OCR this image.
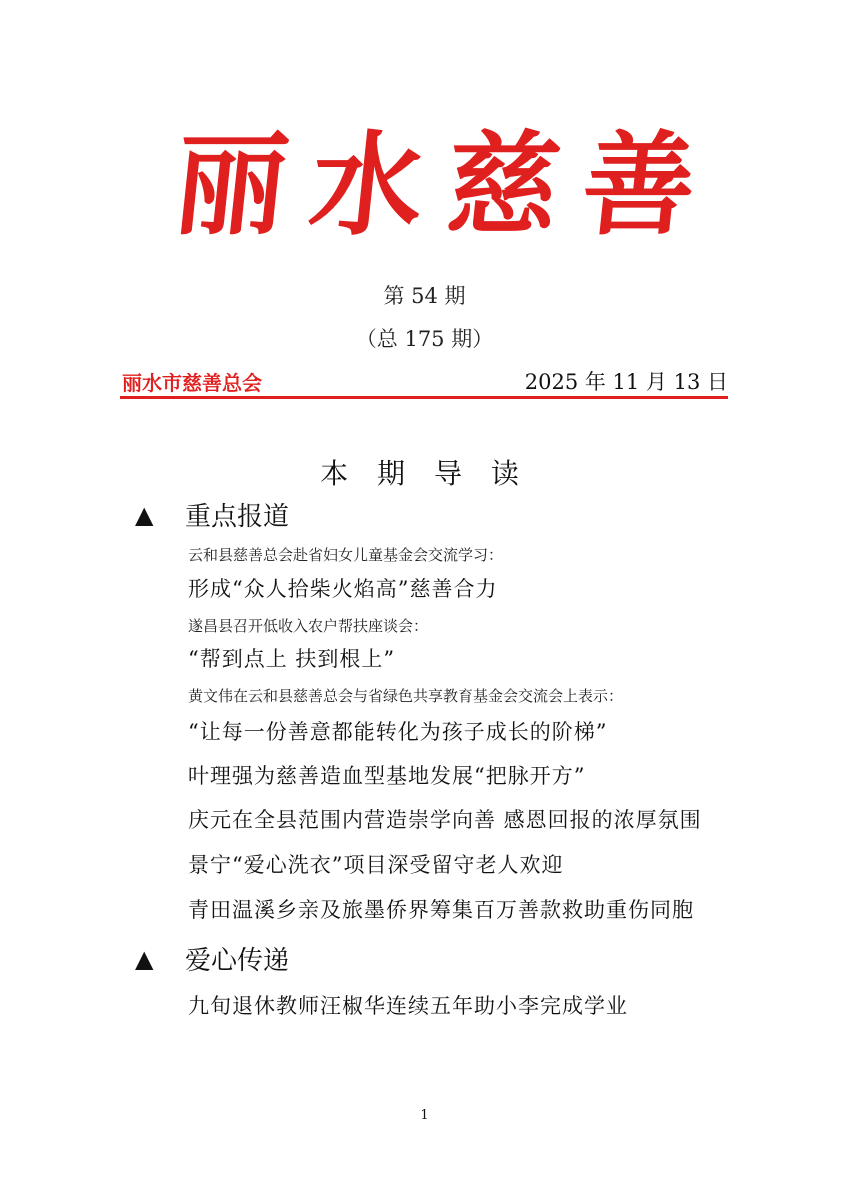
丽 水 慈 善
第 54 期
（总 175 期）
丽水市慈善总会	2025 年 11 月 13 日
本 期 导 读
▲	重点报道
云和县慈善总会赴省妇女儿童基金会交流学习：
形成“众人拾柴火焰高”慈善合力
遂昌县召开低收入农户帮扶座谈会：
“帮到点上 扶到根上”
黄文伟在云和县慈善总会与省绿色共享教育基金会交流会上表示：
“让每一份善意都能转化为孩子成长的阶梯”
叶理强为慈善造血型基地发展“把脉开方”
庆元在全县范围内营造崇学向善 感恩回报的浓厚氛围
景宁“爱心洗衣”项目深受留守老人欢迎
青田温溪乡亲及旅墨侨界筹集百万善款救助重伤同胞
▲	爱心传递
九旬退休教师汪椒华连续五年助小李完成学业
1
